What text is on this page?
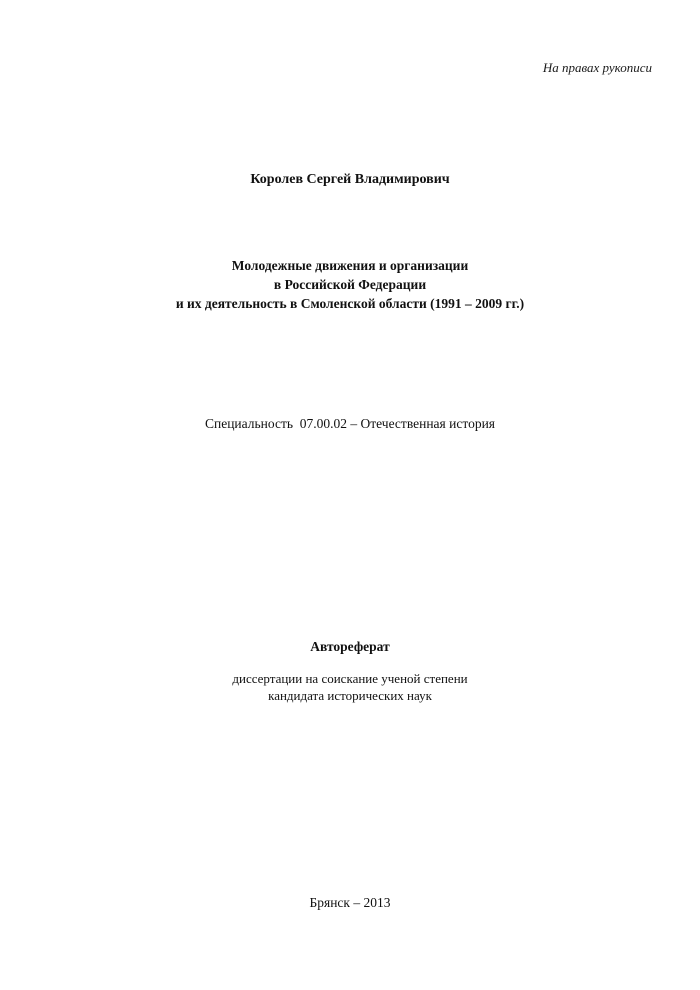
На правах рукописи
Королев Сергей Владимирович
Молодежные движения и организации
в Российской Федерации
и их деятельность в Смоленской области (1991 – 2009 гг.)
Специальность  07.00.02 – Отечественная история
Автореферат
диссертации на соискание ученой степени
кандидата исторических наук
Брянск – 2013
